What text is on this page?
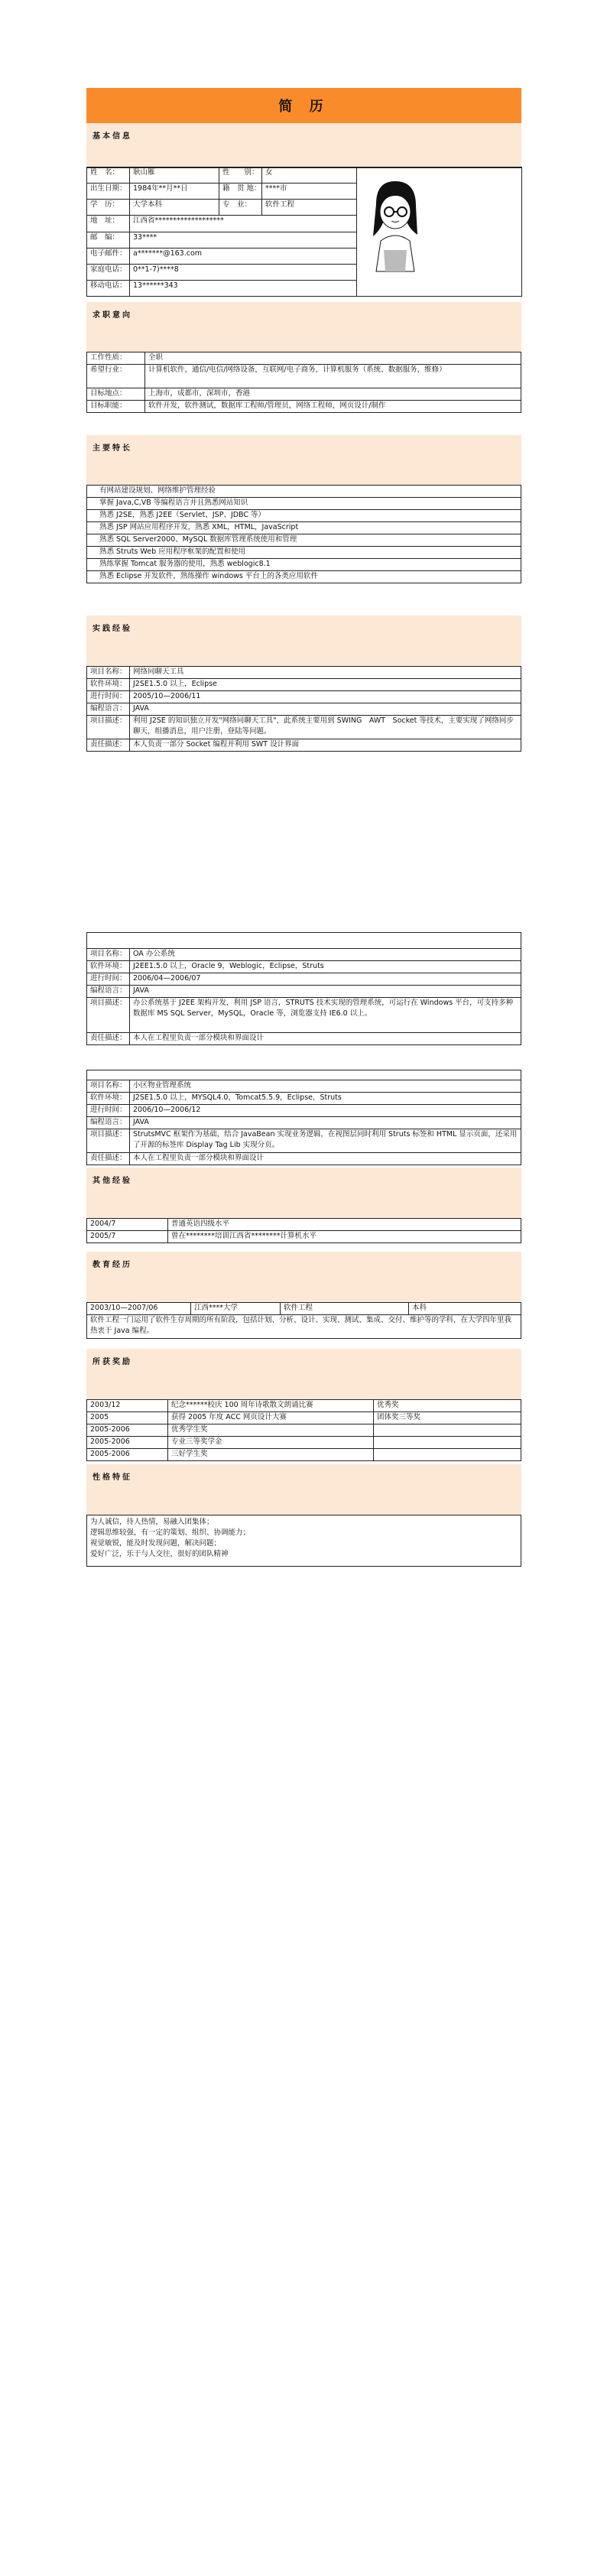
简 历
基本信息
姓　名：	耿山雁	性　　别：	女	

出生日期：	1984年**月**日	籍　贯 地：	****市	
学　历：	大学本科	专　业：	软件工程	
地　址：	江西省*******************			
邮　编：	33****			
电子邮件：	a*******@163.com			
家庭电话：	0**1-7)****8			
移动电话：	13******343			
求职意向
工作性质：	全职
希望行业：	计算机软件，通信/电信/网络设备，互联网/电子商务，计算机服务（系统、数据服务，维修）
目标地点：	上海市，成都市，深圳市，香港
目标职能：	软件开发，软件测试，数据库工程师/管理员，网络工程师，网页设计/制作
主要特长
有网站建设规划、网络维护管理经验
掌握 Java,C,VB 等编程语言并且熟悉网站知识
熟悉 J2SE，熟悉 J2EE（Servlet、JSP、JDBC 等）
熟悉 JSP 网站应用程序开发，熟悉 XML，HTML，JavaScript
熟悉 SQL Server2000、MySQL 数据库管理系统使用和管理
熟悉 Struts Web 应用程序框架的配置和使用
熟练掌握 Tomcat 服务器的使用，熟悉 weblogic8.1
熟悉 Eclipse 开发软件，熟练操作 windows 平台上的各类应用软件
实践经验
项目名称：	网络同聊天工具
软件环境：	J2SE1.5.0 以上，Eclipse
进行时间：	2005/10—2006/11
编程语言：	JAVA
项目描述：	利用 J2SE 的知识独立开发"网络同聊天工具"，此系统主要用到 SWING　AWT　Socket 等技术，主要实现了网络同步聊天，组播消息，用户注册，登陆等问题。
责任描述：	本人负责一部分 Socket 编程并利用 SWT 设计界面
项目名称：	OA 办公系统
软件环境：	J2EE1.5.0 以上，Oracle 9，Weblogic，Eclipse，Struts
进行时间：	2006/04—2006/07
编程语言：	JAVA
项目描述：	办公系统基于 J2EE 架构开发，利用 JSP 语言，STRUTS 技术实现的管理系统，可运行在 Windows 平台，可支持多种数据库 MS SQL Server，MySQL，Oracle 等，浏览器支持 IE6.0 以上。
责任描述：	本人在工程里负责一部分模块和界面设计
项目名称：	小区物业管理系统
软件环境：	J2SE1.5.0 以上，MYSQL4.0，Tomcat5.5.9，Eclipse，Struts
进行时间：	2006/10—2006/12
编程语言：	JAVA
项目描述：	StrutsMVC 框架作为基础，结合 JavaBean 实现业务逻辑，在视图层同时利用 Struts 标签和 HTML 显示页面，还采用了开源的标签库 Display Tag Lib 实现分页。
责任描述：	本人在工程里负责一部分模块和界面设计
其他经验
2004/7	普通英语四级水平
2005/7	曾在********培训江西省********计算机水平
教育经历
2003/10—2007/06	江西****大学	软件工程	本科
软件工程一门运用了软件生存周期的所有阶段，包括计划、分析、设计、实现、测试、集成、交付、维护等的学科，在大学四年里我热衷于 Java 编程。
所获奖励
2003/12	纪念******校庆 100 周年诗歌散文朗诵比赛	优秀奖
2005	获得 2005 年度 ACC 网页设计大赛	团体奖三等奖
2005-2006	优秀学生奖	
2005-2006	专业三等奖学金	
2005-2006	三好学生奖	
性格特征
为人诚信，待人热情，易融入团集体；
逻辑思维较强，有一定的策划、组织、协调能力；
视觉敏锐，能及时发现问题，解决问题；
爱好广泛，乐于与人交往，很好的团队精神
